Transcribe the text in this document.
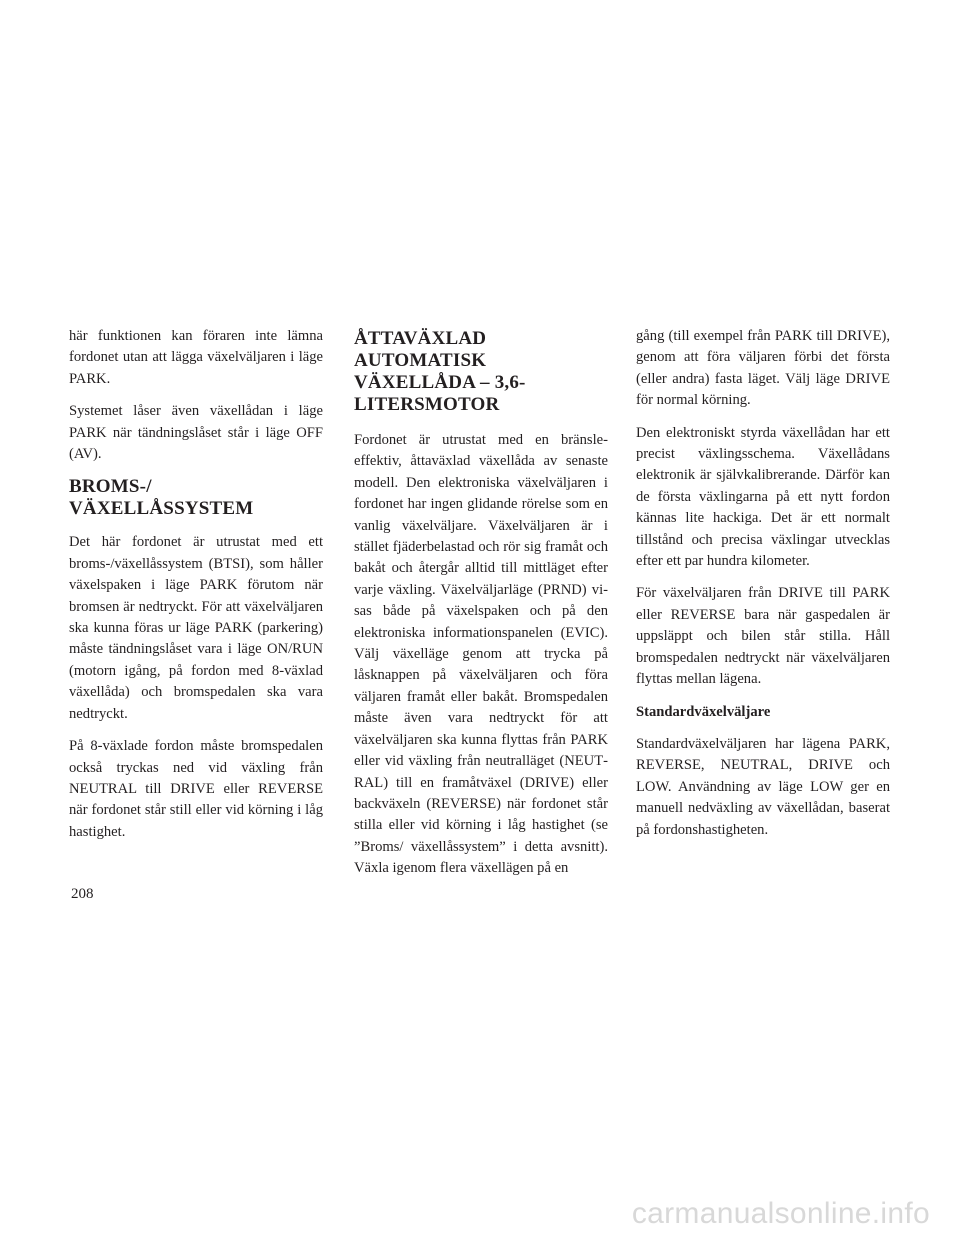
här funktionen kan föraren inte lämna fordonet utan att lägga växelväljaren i läge PARK.

Systemet låser även växellådan i läge PARK när tändningslåset står i läge OFF (AV).

BROMS-/ VÄXELLÅSSYSTEM

Det här fordonet är utrustat med ett broms-/växellåssystem (BTSI), som håller växelspaken i läge PARK förutom när bromsen är nedtryckt. För att växelväljaren ska kunna föras ur läge PARK (parkering) måste tändningslåset vara i läge ON/RUN (motorn igång, på fordon med 8-växlad växellåda) och bromspedalen ska vara nedtryckt.

På 8-växlade fordon måste bromspedalen också tryckas ned vid växling från NEUTRAL till DRIVE eller REVERSE när fordonet står still eller vid körning i låg hastighet.

ÅTTAVÄXLAD AUTOMATISK VÄXELLÅDA – 3,6-LITERSMOTOR

Fordonet är utrustat med en bränsleeffektiv, åttaväxlad växellåda av senaste modell. Den elektroniska växelväljaren i fordonet har ingen glidande rörelse som en vanlig växelväljare. Växelväljaren är i stället fjäderbelastad och rör sig framåt och bakåt och återgår alltid till mittläget efter varje växling. Växelväljarläge (PRND) visas både på växelspaken och på den elektroniska informationspanelen (EVIC). Välj växelläge genom att trycka på låsknappen på växelväljaren och föra väljaren framåt eller bakåt. Bromspedalen måste även vara nedtryckt för att växelväljaren ska kunna flyttas från PARK eller vid växling från neutralläget (NEUTRAL) till en framåtväxel (DRIVE) eller backväxeln (REVERSE) när fordonet står stilla eller vid körning i låg hastighet (se ”Broms/ växellåssystem” i detta avsnitt). Växla igenom flera växellägen på en

gång (till exempel från PARK till DRIVE), genom att föra väljaren förbi det första (eller andra) fasta läget. Välj läge DRIVE för normal körning.

Den elektroniskt styrda växellådan har ett precist växlingsschema. Växellådans elektronik är självkalibrerande. Därför kan de första växlingarna på ett nytt fordon kännas lite hackiga. Det är ett normalt tillstånd och precisa växlingar utvecklas efter ett par hundra kilometer.

För växelväljaren från DRIVE till PARK eller REVERSE bara när gaspedalen är uppsläppt och bilen står stilla. Håll bromspedalen nedtryckt när växelväljaren flyttas mellan lägena.

Standardväxelväljare

Standardväxelväljaren har lägena PARK, REVERSE, NEUTRAL, DRIVE och LOW. Användning av läge LOW ger en manuell nedväxling av växellådan, baserat på fordonshastigheten.

208
carmanualsonline.info
